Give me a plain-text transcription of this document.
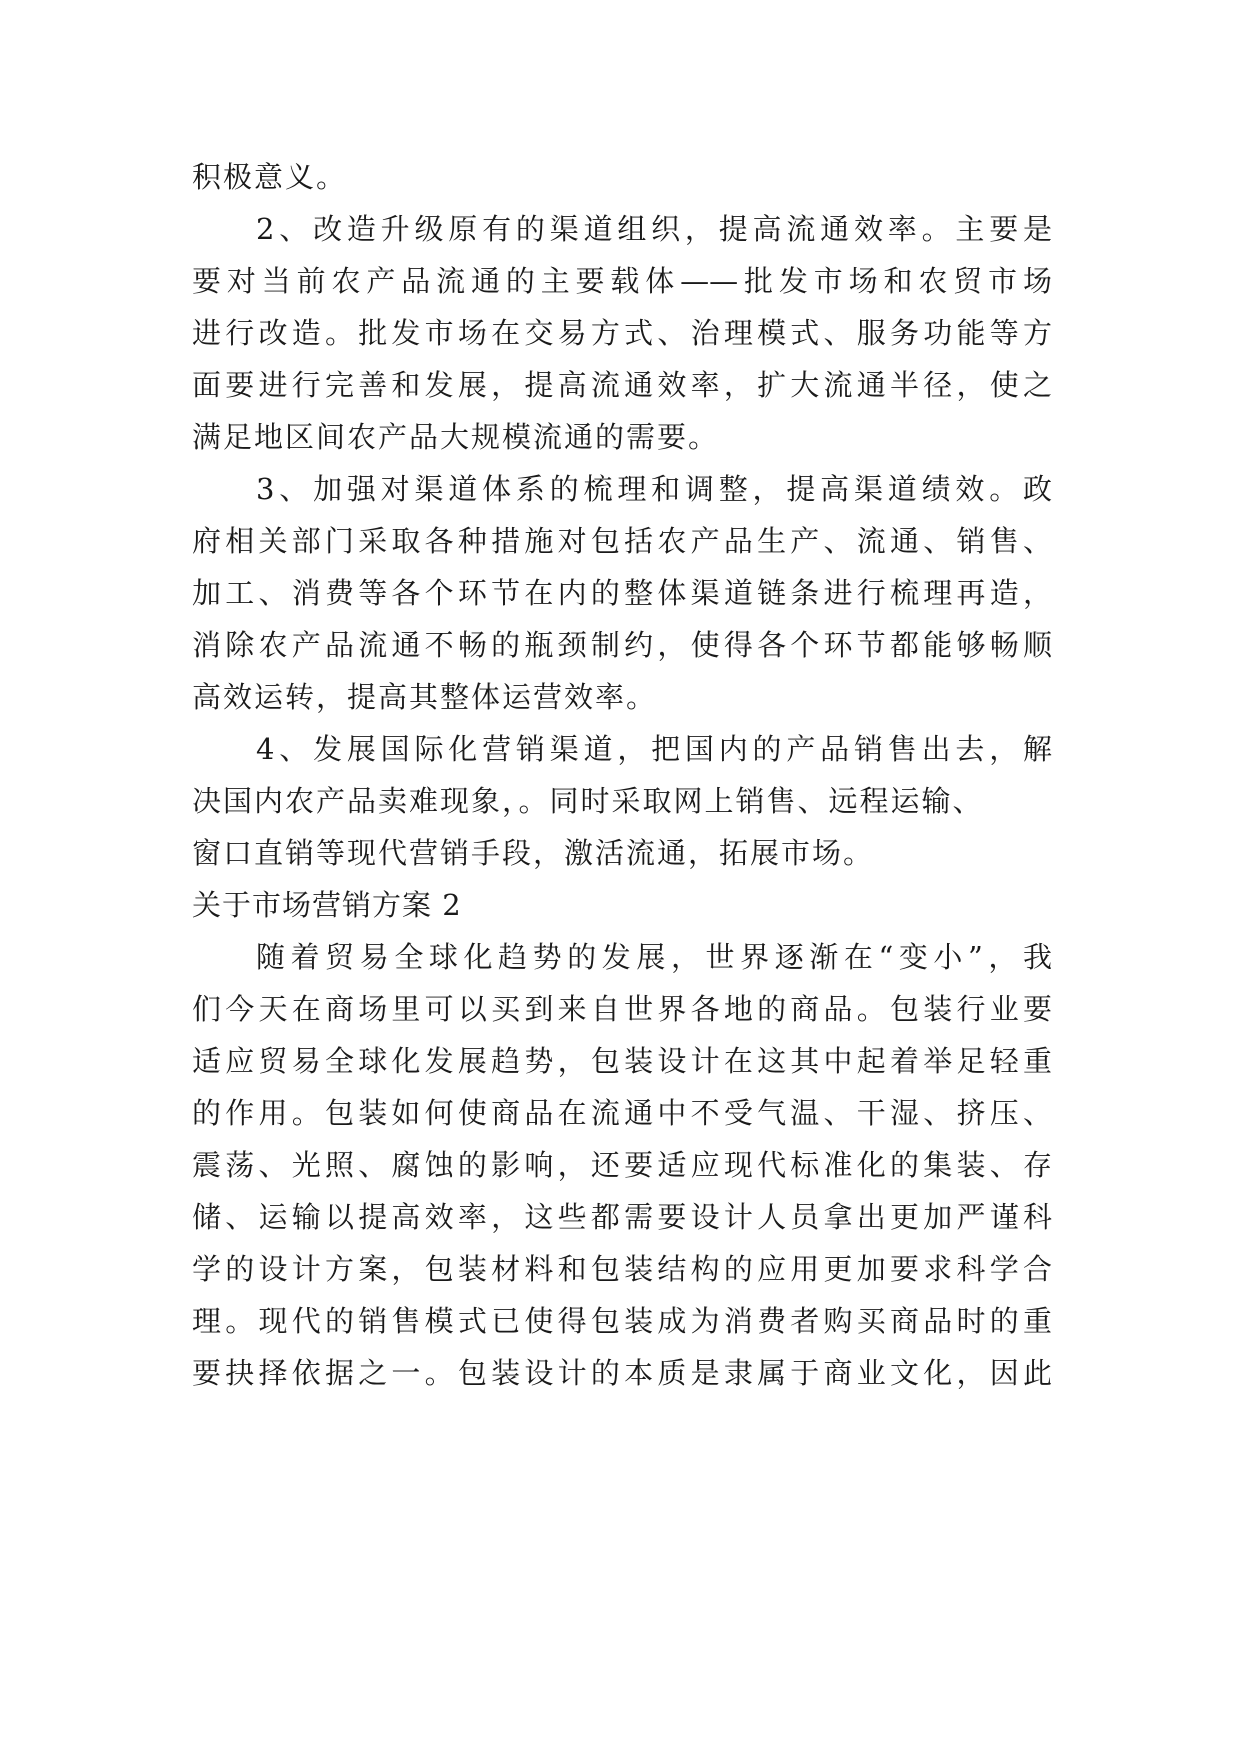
积极意义。
2、改造升级原有的渠道组织，提高流通效率。主要是
要对当前农产品流通的主要载体——批发市场和农贸市场
进行改造。批发市场在交易方式、治理模式、服务功能等方
面要进行完善和发展，提高流通效率，扩大流通半径，使之
满足地区间农产品大规模流通的需要。
3、加强对渠道体系的梳理和调整，提高渠道绩效。政
府相关部门采取各种措施对包括农产品生产、流通、销售、
加工、消费等各个环节在内的整体渠道链条进行梳理再造，
消除农产品流通不畅的瓶颈制约，使得各个环节都能够畅顺
高效运转，提高其整体运营效率。
4、发展国际化营销渠道，把国内的产品销售出去，解
决国内农产品卖难现象，。同时采取网上销售、远程运输、
窗口直销等现代营销手段，激活流通，拓展市场。
关于市场营销方案 2
随着贸易全球化趋势的发展，世界逐渐在“变小”，我
们今天在商场里可以买到来自世界各地的商品。包装行业要
适应贸易全球化发展趋势，包装设计在这其中起着举足轻重
的作用。包装如何使商品在流通中不受气温、干湿、挤压、
震荡、光照、腐蚀的影响，还要适应现代标准化的集装、存
储、运输以提高效率，这些都需要设计人员拿出更加严谨科
学的设计方案，包装材料和包装结构的应用更加要求科学合
理。现代的销售模式已使得包装成为消费者购买商品时的重
要抉择依据之一。包装设计的本质是隶属于商业文化，因此
